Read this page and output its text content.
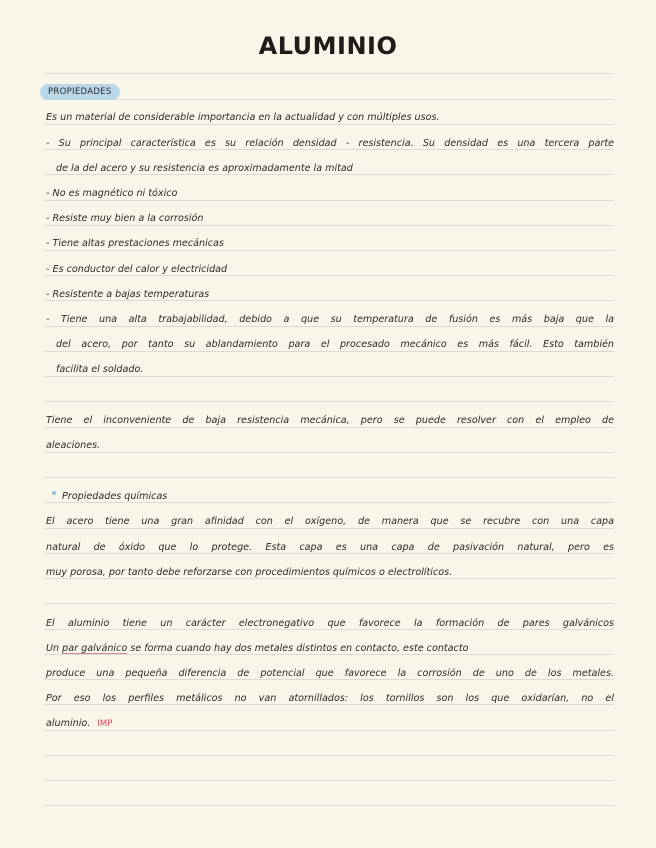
ALUMINIO
PROPIEDADES
Es un material de considerable importancia en la actualidad y con múltiples usos.
- Su principal característica es su relación densidad - resistencia. Su densidad es una tercera parte
de la del acero y su resistencia es aproximadamente la mitad
- No es magnético ni tóxico
- Resiste muy bien a la corrosión
- Tiene altas prestaciones mecánicas
- Es conductor del calor y electricidad
- Resistente a bajas temperaturas
- Tiene una alta trabajabilidad, debido a que su temperatura de fusión es más baja que la
del acero, por tanto su ablandamiento para el procesado mecánico es más fácil. Esto también
facilita el soldado.
Tiene el inconveniente de baja resistencia mecánica, pero se puede resolver con el empleo de
aleaciones.
Propiedades químicas
El acero tiene una gran afinidad con el oxígeno, de manera que se recubre con una capa
natural de óxido que lo protege. Esta capa es una capa de pasivación natural, pero es
muy porosa, por tanto debe reforzarse con procedimientos químicos o electrolíticos.
El aluminio tiene un carácter electronegativo que favorece la formación de pares galvánicos
Un par galvánico se forma cuando hay dos metales distintos en contacto, este contacto
produce una pequeña diferencia de potencial que favorece la corrosión de uno de los metales.
Por eso los perfiles metálicos no van atornillados: los tornillos son los que oxidarían, no el
aluminio. IMP
